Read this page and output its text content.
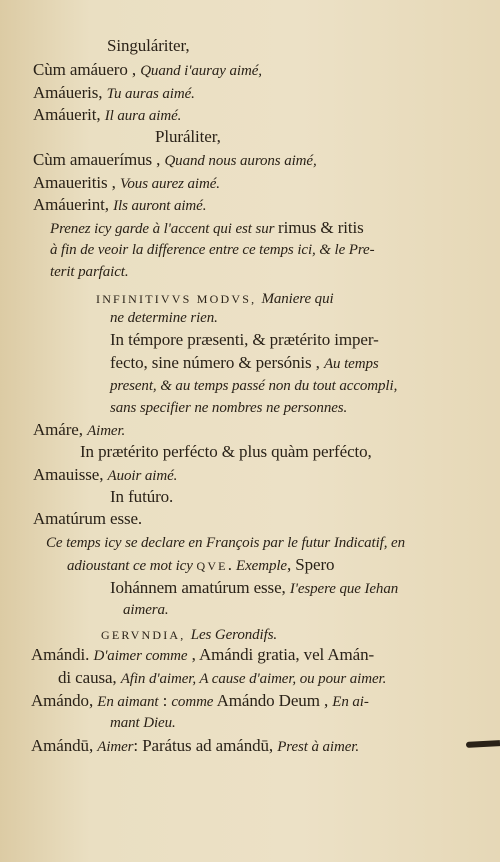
Singuláriter,
Cùm amáuero , Quand i'auray aimé,
Amáueris, Tu auras aimé.
Amáuerit, Il aura aimé.
Pluráliter,
Cùm amauerímus , Quand nous aurons aimé,
Amaueritis , Vous aurez aimé.
Amáuerint, Ils auront aimé.
Prenez icy garde à l'accent qui est sur rimus & ritis
à fin de veoir la difference entre ce temps ici, & le Pre-
terit parfaict.
INFINITIVVS MODVS, Maniere qui
ne determine rien.
In témpore præsenti, & prætérito imper-
fecto, sine número & persónis , Au temps
present, & au temps passé non du tout accompli,
sans specifier ne nombres ne personnes.
Amáre, Aimer.
In prætérito perfécto & plus quàm perfécto,
Amauisse, Auoir aimé.
In futúro.
Amatúrum esse.
Ce temps icy se declare en François par le futur Indicatif, en
adioustant ce mot icy QVE. Exemple, Spero
Iohánnem amatúrum esse, I'espere que Iehan
aimera.
GERVNDIA, Les Gerondifs.
Amándi. D'aimer comme , Amándi gratia, vel Amán-
di causa, Afin d'aimer, A cause d'aimer, ou pour aimer.
Amándo, En aimant : comme Amándo Deum , En ai-
mant Dieu.
Amándū, Aimer: Parátus ad amándū, Prest à aimer.
